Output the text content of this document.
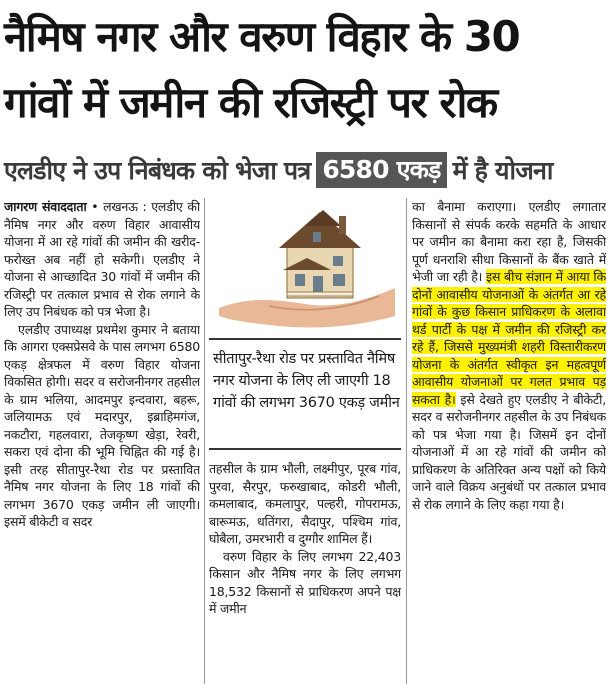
नैमिष नगर और वरुण विहार के 30
गांवों में जमीन की रजिस्ट्री पर रोक
एलडीए ने उप निबंधक को भेजा पत्र 6580 एकड़ में है योजना

जागरण संवाददाता • लखनऊ : एलडीए की नैमिष नगर और वरुण विहार आवासीय योजना में आ रहे गांवों की जमीन की खरीद-फरोख्त अब नहीं हो सकेगी। एलडीए ने योजना से आच्छादित 30 गांवों में जमीन की रजिस्ट्री पर तत्काल प्रभाव से रोक लगाने के लिए उप निबंधक को पत्र भेजा है।

एलडीए उपाध्यक्ष प्रथमेश कुमार ने बताया कि आगरा एक्सप्रेसवे के पास लगभग 6580 एकड़ क्षेत्रफल में वरुण विहार योजना विकसित होगी। सदर व सरोजनीनगर तहसील के ग्राम भलिया, आदमपुर इन्दवारा, बहरू, जलियामऊ एवं मदारपुर, इब्राहिमगंज, नकटौरा, गहलवारा, तेजकृष्ण खेड़ा, रेवरी, सकरा एवं दोना की भूमि चिह्नित की गई है। इसी तरह सीतापुर-रैथा रोड पर प्रस्तावित नैमिष नगर योजना के लिए 18 गांवों की लगभग 3670 एकड़ जमीन ली जाएगी। इसमें बीकेटी व सदर

सीतापुर-रैथा रोड पर प्रस्तावित नैमिष नगर योजना के लिए ली जाएगी 18 गांवों की लगभग 3670 एकड़ जमीन

तहसील के ग्राम भौली, लक्ष्मीपुर, पूरब गांव, पुरवा, सैरपुर, फरुखाबाद, कोडरी भौली, कमलाबाद, कमलापुर, पल्हरी, गोपरामऊ, बारूमऊ, धतिंगरा, सैदापुर, पश्चिम गांव, घोबैला, उमरभारी व दुग्गौर शामिल हैं।

वरुण विहार के लिए लगभग 22,403 किसान और नैमिष नगर के लिए लगभग 18,532 किसानों से प्राधिकरण अपने पक्ष में जमीन

का बैनामा कराएगा। एलडीए लगातार किसानों से संपर्क करके सहमति के आधार पर जमीन का बैनामा करा रहा है, जिसकी पूर्ण धनराशि सीधा किसानों के बैंक खाते में भेजी जा रही है। इस बीच संज्ञान में आया कि दोनों आवासीय योजनाओं के अंतर्गत आ रहे गांवों के कुछ किसान प्राधिकरण के अलावा थर्ड पार्टी के पक्ष में जमीन की रजिस्ट्री कर रहे हैं, जिससे मुख्यमंत्री शहरी विस्तारीकरण योजना के अंतर्गत स्वीकृत इन महत्वपूर्ण आवासीय योजनाओं पर गलत प्रभाव पड़ सकता है। इसे देखते हुए एलडीए ने बीकेटी, सदर व सरोजनीनगर तहसील के उप निबंधक को पत्र भेजा गया है। जिसमें इन दोनों योजनाओं में आ रहे गांवों की जमीन को प्राधिकरण के अतिरिक्त अन्य पक्षों को किये जाने वाले विक्रय अनुबंधों पर तत्काल प्रभाव से रोक लगाने के लिए कहा गया है।
